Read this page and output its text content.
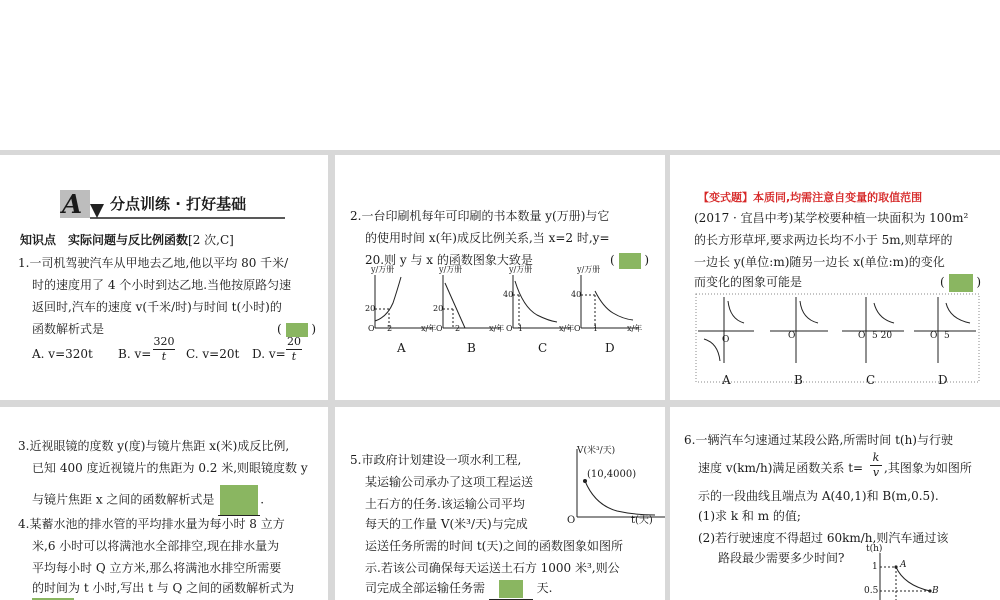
A 分点训练 · 打好基础
知识点　实际问题与反比例函数[2 次,C]
1.一司机驾驶汽车从甲地去乙地,他以平均 80 千米/
时的速度用了 4 个小时到达乙地.当他按原路匀速
返回时,汽车的速度 v(千米/时)与时间 t(小时)的
函数解析式是	( )
A. v=320t B. $v= \frac{320}{t} C$. v=20t D. $v= \frac{20}{t}$
2.一台印刷机每年可印刷的书本数量 y(万册)与它
的使用时间 x(年)成反比例关系,当 x=2 时,y=
20.则 y 与 x 的函数图象大致是	( )
y/万册
20
O 2	x/年
A
y/万册
20
O 2	x/年
B
y/万册
40
O 1	x/年
C
y/万册
40
O 1	x/年
D
【变式题】本质同,均需注意自变量的取值范围
(2017 · 宜昌中考)某学校要种植一块面积为 100m²
的长方形草坪,要求两边长均不小于 5m,则草坪的
一边长 y(单位:m)随另一边长 x(单位:m)的变化
而变化的图象可能是	(	)
O
A
O
B
O 5 20
C
O 5
D
3.近视眼镜的度数 y(度)与镜片焦距 x(米)成反比例,
已知 400 度近视镜片的焦距为 0.2 米,则眼镜度数 y
与镜片焦距 x 之间的函数解析式是	.
4.某蓄水池的排水管的平均排水量为每小时 8 立方
米,6 小时可以将满池水全部排空,现在排水量为
平均每小时 Q 立方米,那么将满池水排空所需要
的时间为 t 小时,写出 t 与 Q 之间的函数解析式为
5.市政府计划建设一项水利工程,
某运输公司承办了这项工程运送
土石方的任务.该运输公司平均
每天的工作量 V(米³/天)与完成
运送任务所需的时间 t(天)之间的函数图象如图所
示.若该公司确保每天运送土石方 1000 米³,则公
司完成全部运输任务需	天.
V(米³/天)
(10,4000)
O	t(天)
6.一辆汽车匀速通过某段公路,所需时间 t(h)与行驶
速度 v(km/h)满足函数关系 $t= \frac{k}{v}$ ,其图象为如图所
示的一段曲线且端点为 A(40,1)和 B(m,0.5).
(1)求 k 和 m 的值;
(2)若行驶速度不得超过 60km/h,则汽车通过该
路段最少需要多少时间?
t(h)
1
0.5
A
B
